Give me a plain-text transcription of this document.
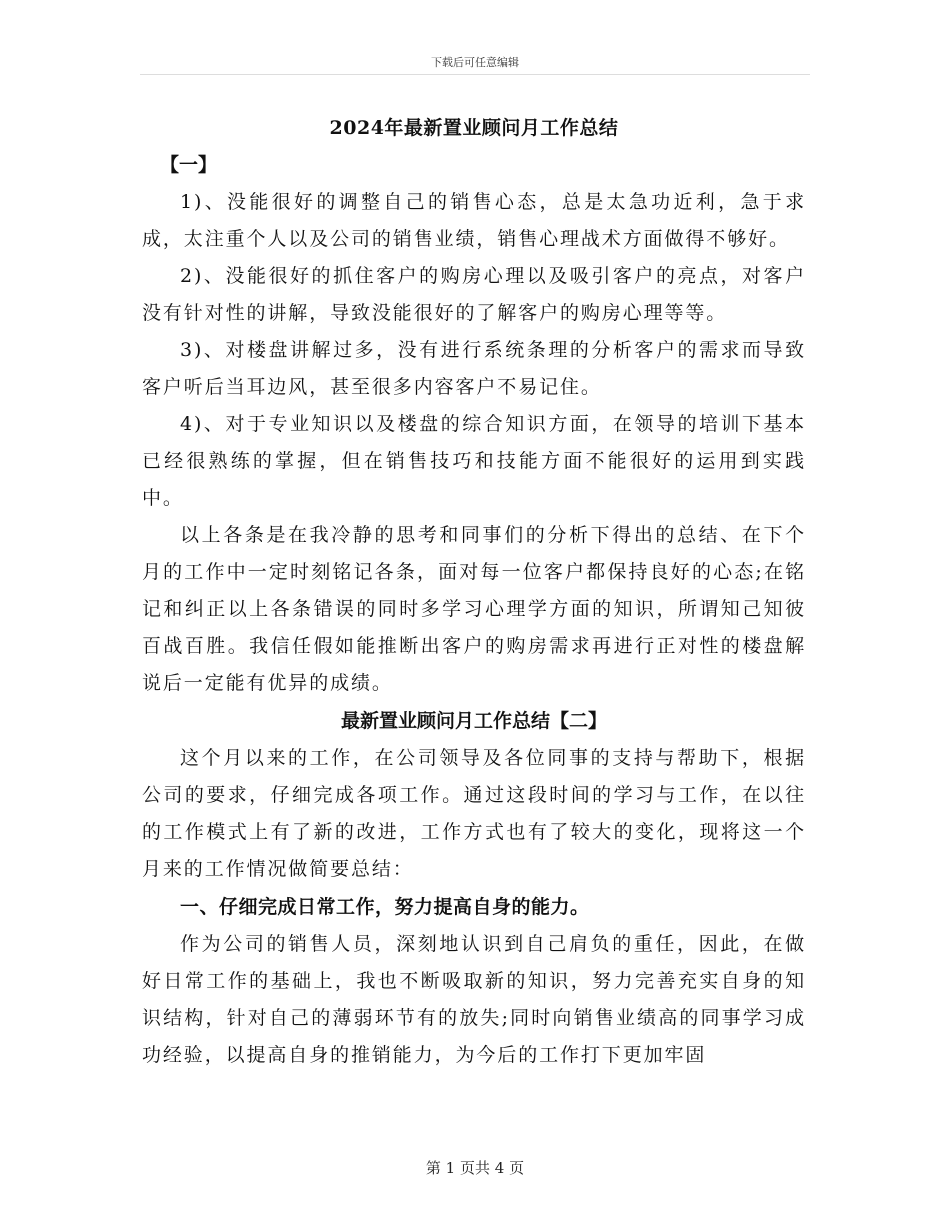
下载后可任意编辑

2024年最新置业顾问月工作总结

【一】

1)、没能很好的调整自己的销售心态，总是太急功近利，急于求成，太注重个人以及公司的销售业绩，销售心理战术方面做得不够好。

2)、没能很好的抓住客户的购房心理以及吸引客户的亮点，对客户没有针对性的讲解，导致没能很好的了解客户的购房心理等等。

3)、对楼盘讲解过多，没有进行系统条理的分析客户的需求而导致客户听后当耳边风，甚至很多内容客户不易记住。

4)、对于专业知识以及楼盘的综合知识方面，在领导的培训下基本已经很熟练的掌握，但在销售技巧和技能方面不能很好的运用到实践中。

以上各条是在我冷静的思考和同事们的分析下得出的总结、在下个月的工作中一定时刻铭记各条，面对每一位客户都保持良好的心态;在铭记和纠正以上各条错误的同时多学习心理学方面的知识，所谓知己知彼百战百胜。我信任假如能推断出客户的购房需求再进行正对性的楼盘解说后一定能有优异的成绩。

最新置业顾问月工作总结【二】

这个月以来的工作，在公司领导及各位同事的支持与帮助下，根据公司的要求，仔细完成各项工作。通过这段时间的学习与工作，在以往的工作模式上有了新的改进，工作方式也有了较大的变化，现将这一个月来的工作情况做简要总结：

一、仔细完成日常工作，努力提高自身的能力。

作为公司的销售人员，深刻地认识到自己肩负的重任，因此，在做好日常工作的基础上，我也不断吸取新的知识，努力完善充实自身的知识结构，针对自己的薄弱环节有的放失;同时向销售业绩高的同事学习成功经验，以提高自身的推销能力，为今后的工作打下更加牢固

第 1 页共 4 页
